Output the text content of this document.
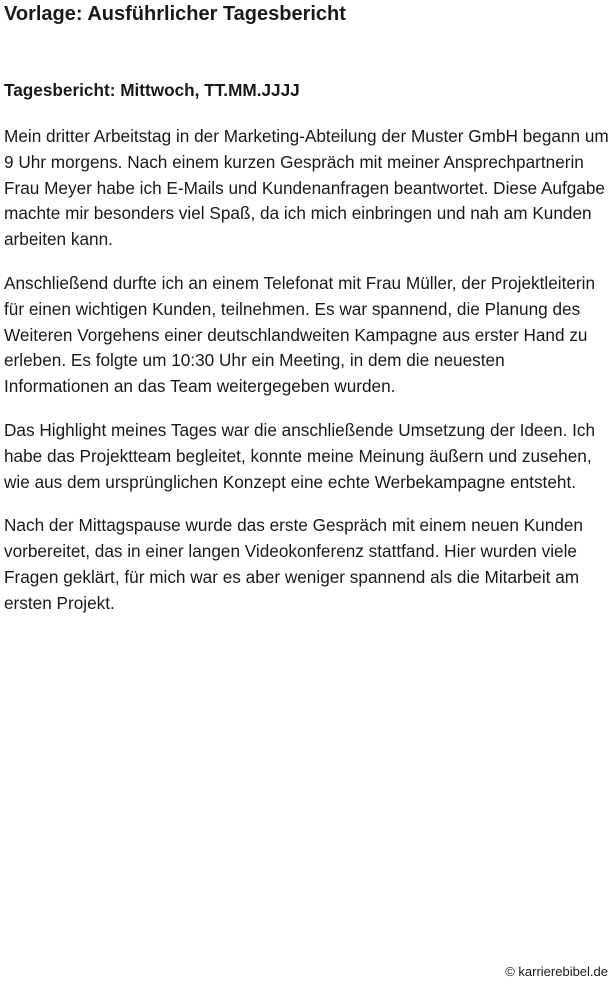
Vorlage: Ausführlicher Tagesbericht
Tagesbericht: Mittwoch, TT.MM.JJJJ

Mein dritter Arbeitstag in der Marketing-Abteilung der Muster GmbH begann um 9 Uhr morgens. Nach einem kurzen Gespräch mit meiner Ansprechpartnerin Frau Meyer habe ich E-Mails und Kundenanfragen beantwortet. Diese Aufgabe machte mir besonders viel Spaß, da ich mich einbringen und nah am Kunden arbeiten kann.

Anschließend durfte ich an einem Telefonat mit Frau Müller, der Projektleiterin für einen wichtigen Kunden, teilnehmen. Es war spannend, die Planung des Weiteren Vorgehens einer deutschlandweiten Kampagne aus erster Hand zu erleben. Es folgte um 10:30 Uhr ein Meeting, in dem die neuesten Informationen an das Team weitergegeben wurden.

Das Highlight meines Tages war die anschließende Umsetzung der Ideen. Ich habe das Projektteam begleitet, konnte meine Meinung äußern und zusehen, wie aus dem ursprünglichen Konzept eine echte Werbekampagne entsteht.

Nach der Mittagspause wurde das erste Gespräch mit einem neuen Kunden vorbereitet, das in einer langen Videokonferenz stattfand. Hier wurden viele Fragen geklärt, für mich war es aber weniger spannend als die Mitarbeit am ersten Projekt.

© karrierebibel.de
